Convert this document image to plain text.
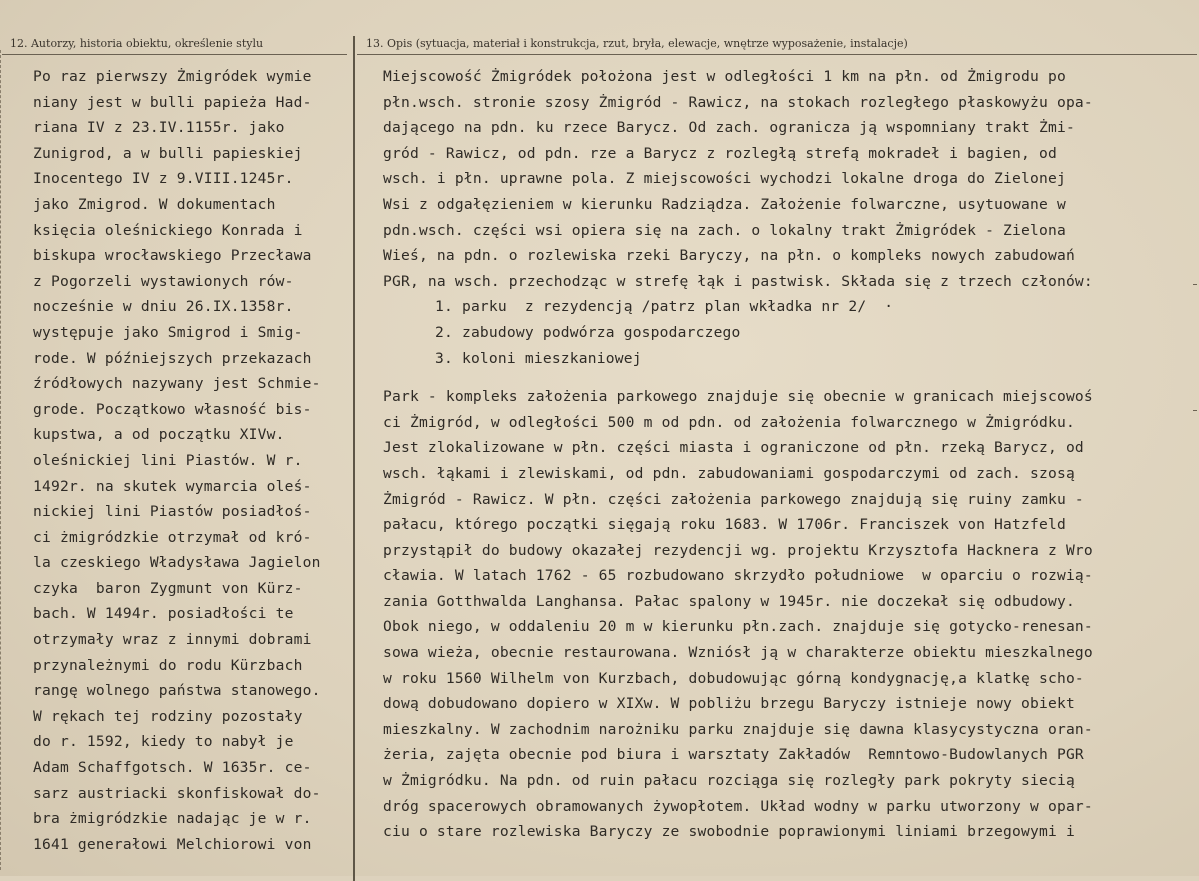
12. Autorzy, historia obiektu, określenie stylu	13. Opis (sytuacja, materiał i konstrukcja, rzut, bryła, elewacje, wnętrze wyposażenie, instalacje)
Po raz pierwszy Żmigródek wymie
niany jest w bulli papieża Had-
riana IV z 23.IV.1155r. jako
Zunigrod, a w bulli papieskiej
Inocentego IV z 9.VIII.1245r.
jako Zmigrod. W dokumentach
księcia oleśnickiego Konrada i
biskupa wrocławskiego Przecława
z Pogorzeli wystawionych rów-
nocześnie w dniu 26.IX.1358r.
występuje jako Smigrod i Smig-
rode. W późniejszych przekazach
źródłowych nazywany jest Schmie-
grode. Początkowo własność bis-
kupstwa, a od początku XIVw.
oleśnickiej lini Piastów. W r.
1492r. na skutek wymarcia oleś-
nickiej lini Piastów posiadłoś-
ci żmigródzkie otrzymał od kró-
la czeskiego Władysława Jagielon
czyka  baron Zygmunt von Kürz-
bach. W 1494r. posiadłości te
otrzymały wraz z innymi dobrami
przynależnymi do rodu Kürzbach
rangę wolnego państwa stanowego.
W rękach tej rodziny pozostały
do r. 1592, kiedy to nabył je
Adam Schaffgotsch. W 1635r. ce-
sarz austriacki skonfiskował do-
bra żmigródzkie nadając je w r.
1641 generałowi Melchiorowi von
Miejscowość Żmigródek położona jest w odległości 1 km na płn. od Żmigrodu po
płn.wsch. stronie szosy Żmigród - Rawicz, na stokach rozległego płaskowyżu opa-
dającego na pdn. ku rzece Barycz. Od zach. ogranicza ją wspomniany trakt Żmi-
gród - Rawicz, od pdn. rze a Barycz z rozległą strefą mokradeł i bagien, od
wsch. i płn. uprawne pola. Z miejscowości wychodzi lokalne droga do Zielonej
Wsi z odgałęzieniem w kierunku Radziądza. Założenie folwarczne, usytuowane w
pdn.wsch. części wsi opiera się na zach. o lokalny trakt Żmigródek - Zielona
Wieś, na pdn. o rozlewiska rzeki Baryczy, na płn. o kompleks nowych zabudowań
PGR, na wsch. przechodząc w strefę łąk i pastwisk. Składa się z trzech członów:
1. parku  z rezydencją /patrz plan wkładka nr 2/  ·
2. zabudowy podwórza gospodarczego
3. koloni mieszkaniowej
Park - kompleks założenia parkowego znajduje się obecnie w granicach miejscowoś
ci Żmigród, w odległości 500 m od pdn. od założenia folwarcznego w Żmigródku.
Jest zlokalizowane w płn. części miasta i ograniczone od płn. rzeką Barycz, od
wsch. łąkami i zlewiskami, od pdn. zabudowaniami gospodarczymi od zach. szosą
Żmigród - Rawicz. W płn. części założenia parkowego znajdują się ruiny zamku -
pałacu, którego początki sięgają roku 1683. W 1706r. Franciszek von Hatzfeld
przystąpił do budowy okazałej rezydencji wg. projektu Krzysztofa Hacknera z Wro
cławia. W latach 1762 - 65 rozbudowano skrzydło południowe  w oparciu o rozwią-
zania Gotthwalda Langhansa. Pałac spalony w 1945r. nie doczekał się odbudowy.
Obok niego, w oddaleniu 20 m w kierunku płn.zach. znajduje się gotycko-renesan-
sowa wieża, obecnie restaurowana. Wzniósł ją w charakterze obiektu mieszkalnego
w roku 1560 Wilhelm von Kurzbach, dobudowując górną kondygnację,a klatkę scho-
dową dobudowano dopiero w XIXw. W pobliżu brzegu Baryczy istnieje nowy obiekt
mieszkalny. W zachodnim narożniku parku znajduje się dawna klasycystyczna oran-
żeria, zajęta obecnie pod biura i warsztaty Zakładów  Remntowo-Budowlanych PGR
w Żmigródku. Na pdn. od ruin pałacu rozciąga się rozległy park pokryty siecią
dróg spacerowych obramowanych żywopłotem. Układ wodny w parku utworzony w opar-
ciu o stare rozlewiska Baryczy ze swobodnie poprawionymi liniami brzegowymi i
